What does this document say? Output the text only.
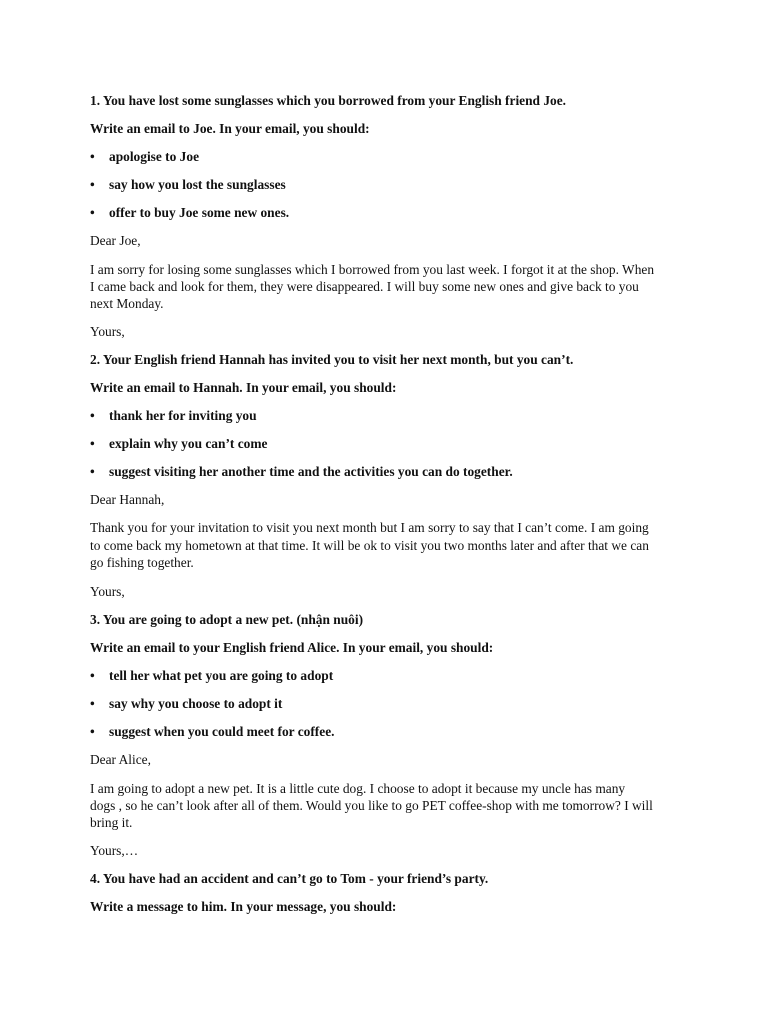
1. You have lost some sunglasses which you borrowed from your English friend Joe.
Write an email to Joe. In your email, you should:
• apologise to Joe
• say how you lost the sunglasses
• offer to buy Joe some new ones.
Dear Joe,
I am sorry for losing some sunglasses which I borrowed from you last week. I forgot it at the shop. When
I came back and look for them, they were disappeared. I will buy some new ones and give back to you
next Monday.
Yours,
2. Your English friend Hannah has invited you to visit her next month, but you can’t.
Write an email to Hannah. In your email, you should:
• thank her for inviting you
• explain why you can’t come
• suggest visiting her another time and the activities you can do together.
Dear Hannah,
Thank you for your invitation to visit you next month but I am sorry to say that I can’t come. I am going
to come back my hometown at that time. It will be ok to visit you two months later and after that we can
go fishing together.
Yours,
3. You are going to adopt a new pet. (nhận nuôi)
Write an email to your English friend Alice. In your email, you should:
• tell her what pet you are going to adopt
• say why you choose to adopt it
• suggest when you could meet for coffee.
Dear Alice,
I am going to adopt a new pet. It is a little cute dog. I choose to adopt it because my uncle has many
dogs , so he can’t look after all of them. Would you like to go PET coffee-shop with me tomorrow? I will
bring it.
Yours,…
4. You have had an accident and can’t go to Tom - your friend’s party.
Write a message to him. In your message, you should:
